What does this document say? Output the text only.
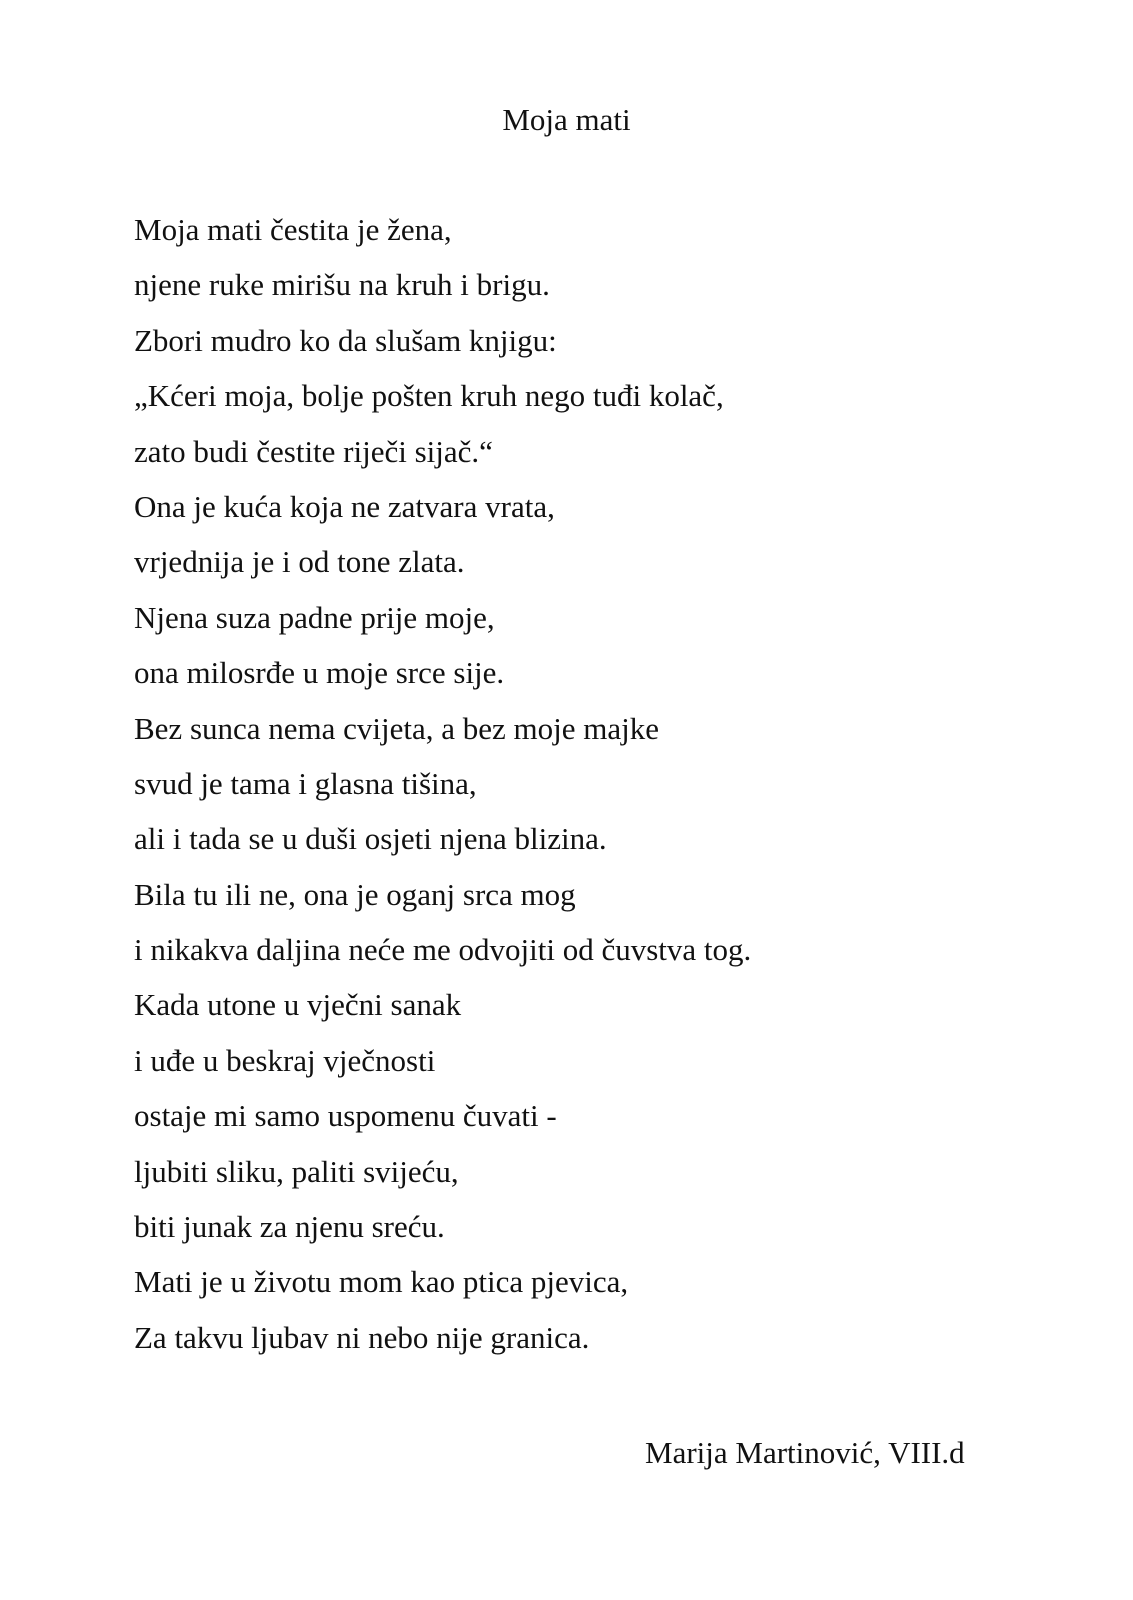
Moja mati
Moja mati čestita je žena,
njene ruke mirišu na kruh i brigu.
Zbori mudro ko da slušam knjigu:
„Kćeri moja, bolje pošten kruh nego tuđi kolač,
zato budi čestite riječi sijač.“
Ona je kuća koja ne zatvara vrata,
vrjednija je i od tone zlata.
Njena suza padne prije moje,
ona milosrđe u moje srce sije.
Bez sunca nema cvijeta, a bez moje majke
svud je tama i glasna tišina,
ali i tada se u duši osjeti njena blizina.
Bila tu ili ne, ona je oganj srca mog
i nikakva daljina neće me odvojiti od čuvstva tog.
Kada utone u vječni sanak
i uđe u beskraj vječnosti
ostaje mi samo uspomenu čuvati -
ljubiti sliku, paliti svijeću,
biti junak za njenu sreću.
Mati je u životu mom kao ptica pjevica,
Za takvu ljubav ni nebo nije granica.
Marija Martinović, VIII.d
